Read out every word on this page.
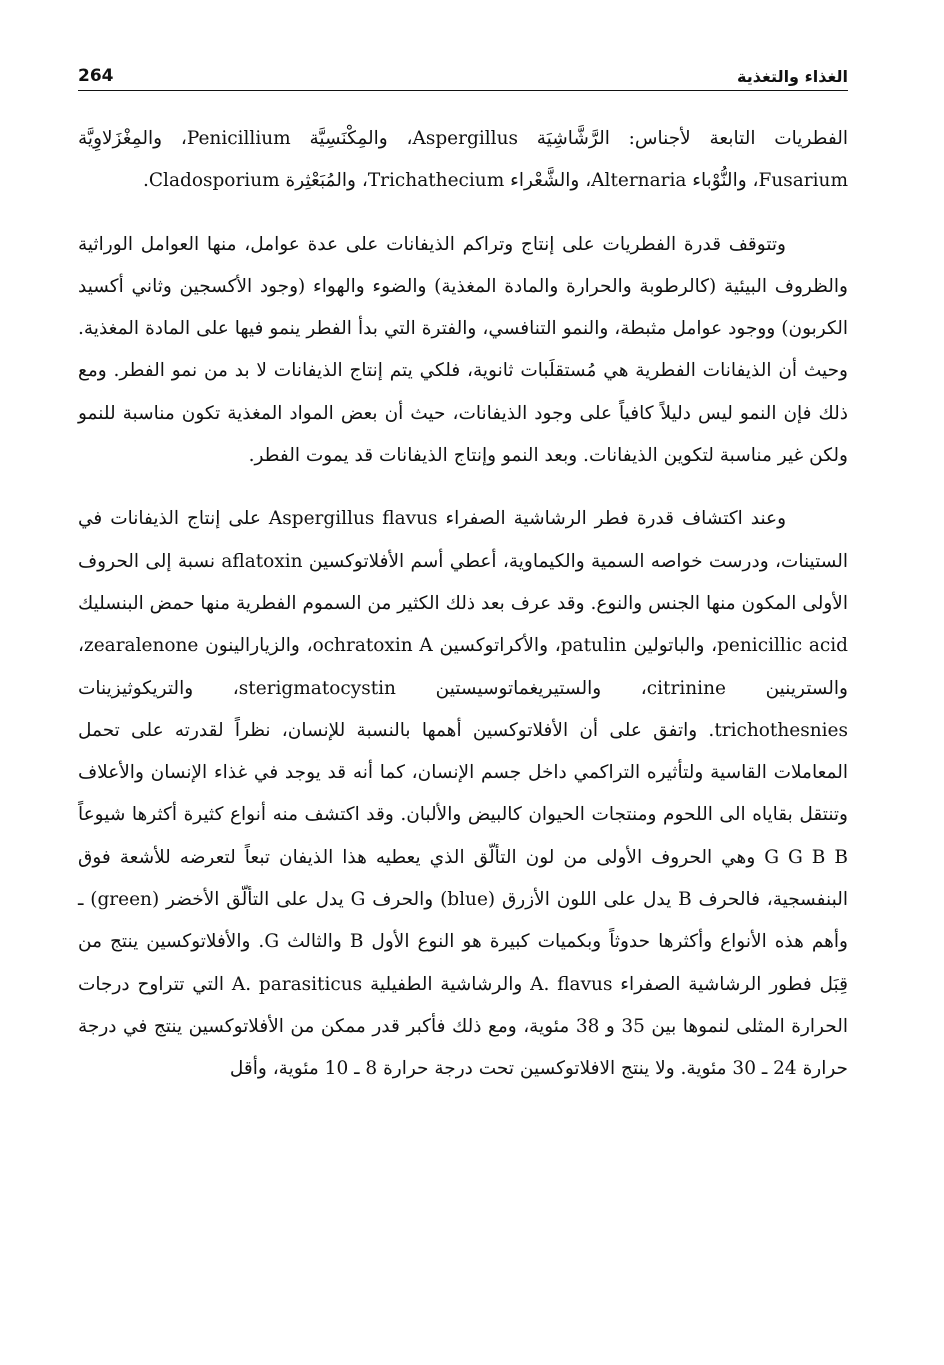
264	الغذاء والتغذية

الفطريات التابعة لأجناس: الرَّشَّاشِيَة Aspergillus، والمِكْنَسِيَّة Penicillium، والمِغْزَلاوِيَّة Fusarium، والنُّوْباء Alternaria، والشَّعْراء Trichathecium، والمُبَعْثِرة Cladosporium.

وتتوقف قدرة الفطريات على إنتاج وتراكم الذيفانات على عدة عوامل، منها العوامل الوراثية والظروف البيئية (كالرطوبة والحرارة والمادة المغذية) والضوء والهواء (وجود الأكسجين وثاني أكسيد الكربون) ووجود عوامل مثبطة، والنمو التنافسي، والفترة التي بدأ الفطر ينمو فيها على المادة المغذية. وحيث أن الذيفانات الفطرية هي مُستقلَبات ثانوية، فلكي يتم إنتاج الذيفانات لا بد من نمو الفطر. ومع ذلك فإن النمو ليس دليلاً كافياً على وجود الذيفانات، حيث أن بعض المواد المغذية تكون مناسبة للنمو ولكن غير مناسبة لتكوين الذيفانات. وبعد النمو وإنتاج الذيفانات قد يموت الفطر.

وعند اكتشاف قدرة فطر الرشاشية الصفراء Aspergillus flavus على إنتاج الذيفانات في الستينات، ودرست خواصه السمية والكيماوية، أعطي أسم الأفلاتوكسين aflatoxin نسبة إلى الحروف الأولى المكون منها الجنس والنوع. وقد عرف بعد ذلك الكثير من السموم الفطرية منها حمض البنسليك penicillic acid، والباتولين patulin، والأكراتوكسين ochratoxin A، والزيارالينون zearalenone، والسترينين citrinine، والستيريغماتوسيستين sterigmatocystin، والتريكوثيزينات trichothesnies. واتفق على أن الأفلاتوكسين أهمها بالنسبة للإنسان، نظراً لقدرته على تحمل المعاملات القاسية ولتأثيره التراكمي داخل جسم الإنسان، كما أنه قد يوجد في غذاء الإنسان والأعلاف وتنتقل بقاياه الى اللحوم ومنتجات الحيوان كالبيض والألبان. وقد اكتشف منه أنواع كثيرة أكثرها شيوعاً G G B B وهي الحروف الأولى من لون التألّق الذي يعطيه هذا الذيفان تبعاً لتعرضه للأشعة فوق البنفسجية، فالحرف B يدل على اللون الأزرق (blue) والحرف G يدل على التألّق الأخضر (green) ـ وأهم هذه الأنواع وأكثرها حدوثاً وبكميات كبيرة هو النوع الأول B والثالث G. والأفلاتوكسين ينتج من قِبَل فطور الرشاشية الصفراء A. flavus والرشاشية الطفيلية A. parasiticus التي تتراوح درجات الحرارة المثلى لنموها بين 35 و 38 مئوية، ومع ذلك فأكبر قدر ممكن من الأفلاتوكسين ينتج في درجة حرارة 24 ـ 30 مئوية. ولا ينتج الافلاتوكسين تحت درجة حرارة 8 ـ 10 مئوية، وأقل
